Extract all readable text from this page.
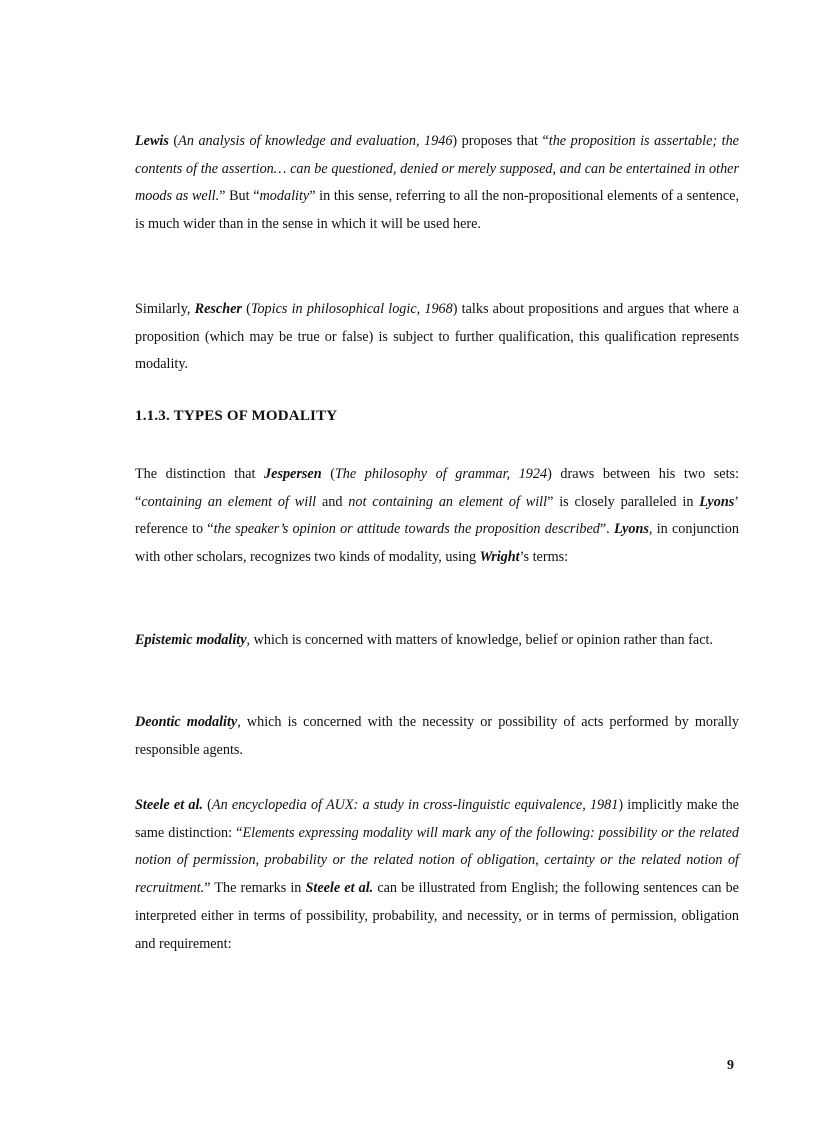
Lewis (An analysis of knowledge and evaluation, 1946) proposes that “the proposition is assertable; the contents of the assertion… can be questioned, denied or merely supposed, and can be entertained in other moods as well.” But “modality” in this sense, referring to all the non-propositional elements of a sentence, is much wider than in the sense in which it will be used here.

Similarly, Rescher (Topics in philosophical logic, 1968) talks about propositions and argues that where a proposition (which may be true or false) is subject to further qualification, this qualification represents modality.

1.1.3. TYPES OF MODALITY

The distinction that Jespersen (The philosophy of grammar, 1924) draws between his two sets: “containing an element of will and not containing an element of will” is closely paralleled in Lyons’ reference to “the speaker’s opinion or attitude towards the proposition described”. Lyons, in conjunction with other scholars, recognizes two kinds of modality, using Wright’s terms:

Epistemic modality, which is concerned with matters of knowledge, belief or opinion rather than fact.

Deontic modality, which is concerned with the necessity or possibility of acts performed by morally responsible agents.

Steele et al. (An encyclopedia of AUX: a study in cross-linguistic equivalence, 1981) implicitly make the same distinction: “Elements expressing modality will mark any of the following: possibility or the related notion of permission, probability or the related notion of obligation, certainty or the related notion of recruitment.” The remarks in Steele et al. can be illustrated from English; the following sentences can be interpreted either in terms of possibility, probability, and necessity, or in terms of permission, obligation and requirement:

9
